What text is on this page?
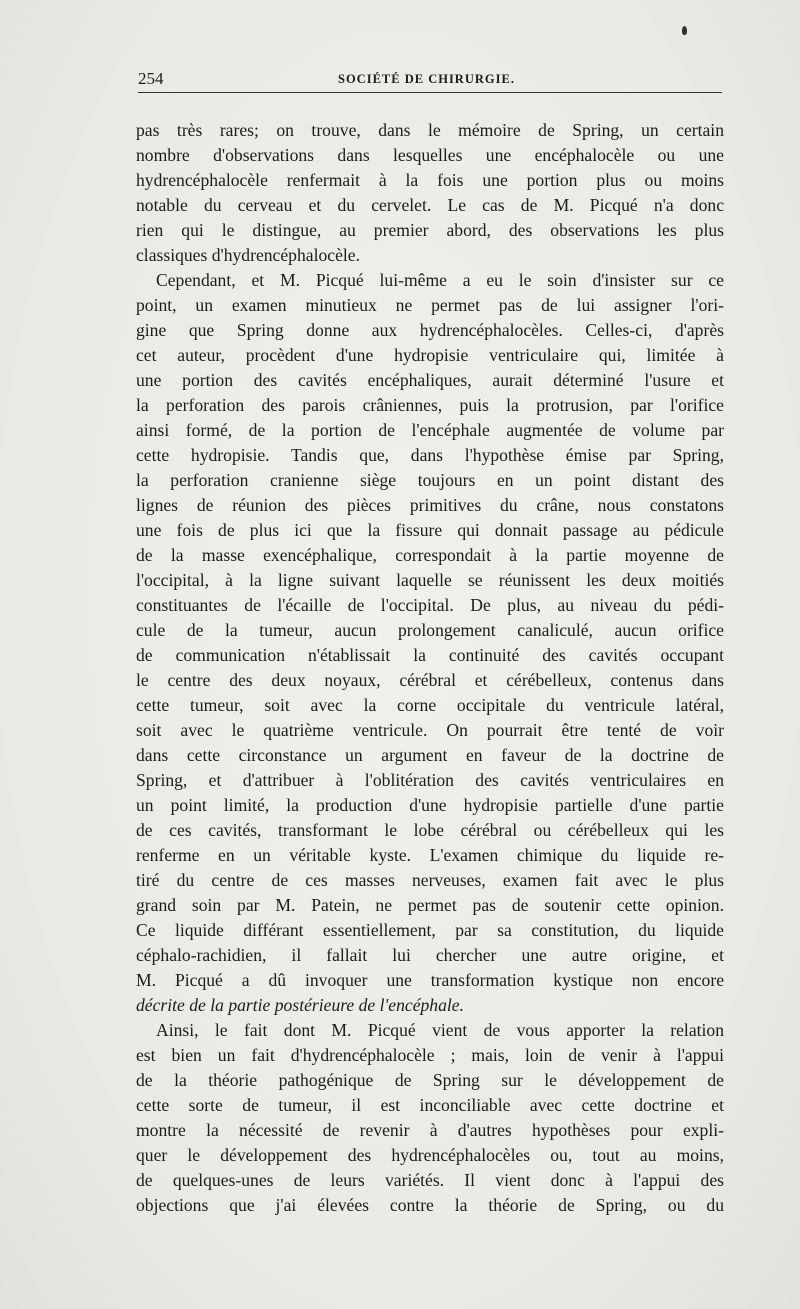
254	SOCIÉTÉ DE CHIRURGIE.
pas très rares; on trouve, dans le mémoire de Spring, un certain
nombre d'observations dans lesquelles une encéphalocèle ou une
hydrencéphalocèle renfermait à la fois une portion plus ou moins
notable du cerveau et du cervelet. Le cas de M. Picqué n'a donc
rien qui le distingue, au premier abord, des observations les plus
classiques d'hydrencéphalocèle.
Cependant, et M. Picqué lui-même a eu le soin d'insister sur ce
point, un examen minutieux ne permet pas de lui assigner l'ori-
gine que Spring donne aux hydrencéphalocèles. Celles-ci, d'après
cet auteur, procèdent d'une hydropisie ventriculaire qui, limitée à
une portion des cavités encéphaliques, aurait déterminé l'usure et
la perforation des parois crâniennes, puis la protrusion, par l'orifice
ainsi formé, de la portion de l'encéphale augmentée de volume par
cette hydropisie. Tandis que, dans l'hypothèse émise par Spring,
la perforation cranienne siège toujours en un point distant des
lignes de réunion des pièces primitives du crâne, nous constatons
une fois de plus ici que la fissure qui donnait passage au pédicule
de la masse exencéphalique, correspondait à la partie moyenne de
l'occipital, à la ligne suivant laquelle se réunissent les deux moitiés
constituantes de l'écaille de l'occipital. De plus, au niveau du pédi-
cule de la tumeur, aucun prolongement canaliculé, aucun orifice
de communication n'établissait la continuité des cavités occupant
le centre des deux noyaux, cérébral et cérébelleux, contenus dans
cette tumeur, soit avec la corne occipitale du ventricule latéral,
soit avec le quatrième ventricule. On pourrait être tenté de voir
dans cette circonstance un argument en faveur de la doctrine de
Spring, et d'attribuer à l'oblitération des cavités ventriculaires en
un point limité, la production d'une hydropisie partielle d'une partie
de ces cavités, transformant le lobe cérébral ou cérébelleux qui les
renferme en un véritable kyste. L'examen chimique du liquide re-
tiré du centre de ces masses nerveuses, examen fait avec le plus
grand soin par M. Patein, ne permet pas de soutenir cette opinion.
Ce liquide différant essentiellement, par sa constitution, du liquide
céphalo-rachidien, il fallait lui chercher une autre origine, et
M. Picqué a dû invoquer une transformation kystique non encore
décrite de la partie postérieure de l'encéphale.
Ainsi, le fait dont M. Picqué vient de vous apporter la relation
est bien un fait d'hydrencéphalocèle ; mais, loin de venir à l'appui
de la théorie pathogénique de Spring sur le développement de
cette sorte de tumeur, il est inconciliable avec cette doctrine et
montre la nécessité de revenir à d'autres hypothèses pour expli-
quer le développement des hydrencéphalocèles ou, tout au moins,
de quelques-unes de leurs variétés. Il vient donc à l'appui des
objections que j'ai élevées contre la théorie de Spring, ou du
